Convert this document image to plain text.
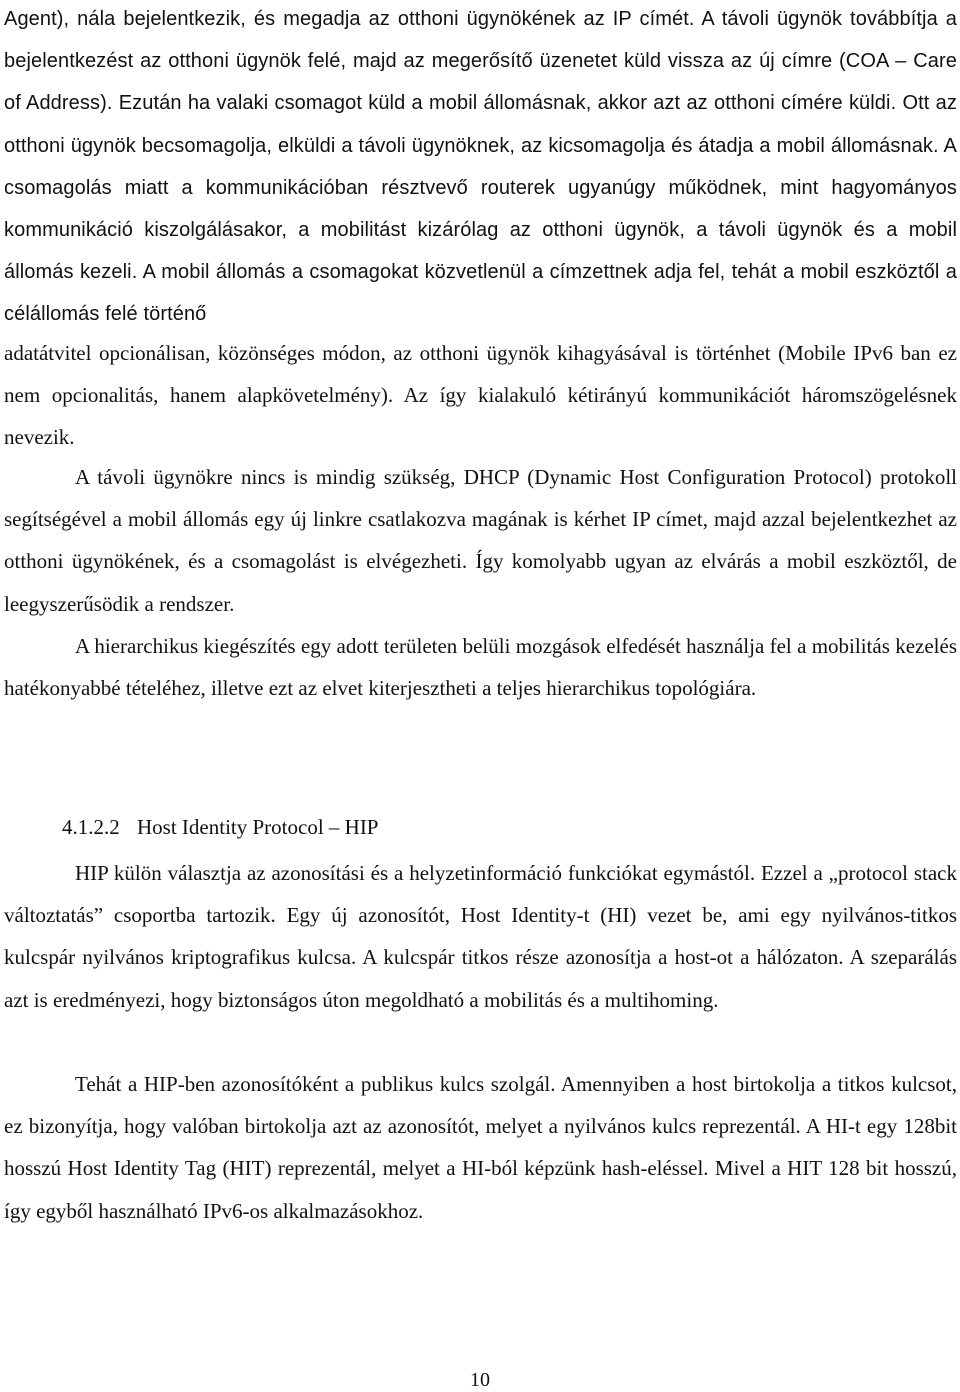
Agent), nála bejelentkezik, és megadja az otthoni ügynökének az IP címét. A távoli ügynök továbbítja a bejelentkezést az otthoni ügynök felé, majd az megerősítő üzenetet küld vissza az új címre (COA – Care of Address). Ezután ha valaki csomagot küld a mobil állomásnak, akkor azt az otthoni címére küldi. Ott az otthoni ügynök becsomagolja, elküldi a távoli ügynöknek, az kicsomagolja és átadja a mobil állomásnak. A csomagolás miatt a kommunikációban résztvevő routerek ugyanúgy működnek, mint hagyományos kommunikáció kiszolgálásakor, a mobilitást kizárólag az otthoni ügynök, a távoli ügynök és a mobil állomás kezeli. A mobil állomás a csomagokat közvetlenül a címzettnek adja fel, tehát a mobil eszköztől a célállomás felé történő

adatátvitel opcionálisan, közönséges módon, az otthoni ügynök kihagyásával is történhet (Mobile IPv6 ban ez nem opcionalitás, hanem alapkövetelmény). Az így kialakuló kétirányú kommunikációt háromszögelésnek nevezik.

A távoli ügynökre nincs is mindig szükség, DHCP (Dynamic Host Configuration Protocol) protokoll segítségével a mobil állomás egy új linkre csatlakozva magának is kérhet IP címet, majd azzal bejelentkezhet az otthoni ügynökének, és a csomagolást is elvégezheti. Így komolyabb ugyan az elvárás a mobil eszköztől, de leegyszerűsödik a rendszer.

A hierarchikus kiegészítés egy adott területen belüli mozgások elfedését használja fel a mobilitás kezelés hatékonyabbé tételéhez, illetve ezt az elvet kiterjesztheti a teljes hierarchikus topológiára.

4.1.2.2 Host Identity Protocol – HIP

HIP külön választja az azonosítási és a helyzetinformáció funkciókat egymástól. Ezzel a „protocol stack változtatás” csoportba tartozik. Egy új azonosítót, Host Identity-t (HI) vezet be, ami egy nyilvános-titkos kulcspár nyilvános kriptografikus kulcsa. A kulcspár titkos része azonosítja a host-ot a hálózaton. A szeparálás azt is eredményezi, hogy biztonságos úton megoldható a mobilitás és a multihoming.

Tehát a HIP-ben azonosítóként a publikus kulcs szolgál. Amennyiben a host birtokolja a titkos kulcsot, ez bizonyítja, hogy valóban birtokolja azt az azonosítót, melyet a nyilvános kulcs reprezentál. A HI-t egy 128bit hosszú Host Identity Tag (HIT) reprezentál, melyet a HI-ból képzünk hash-eléssel. Mivel a HIT 128 bit hosszú, így egyből használható IPv6-os alkalmazásokhoz.

10
